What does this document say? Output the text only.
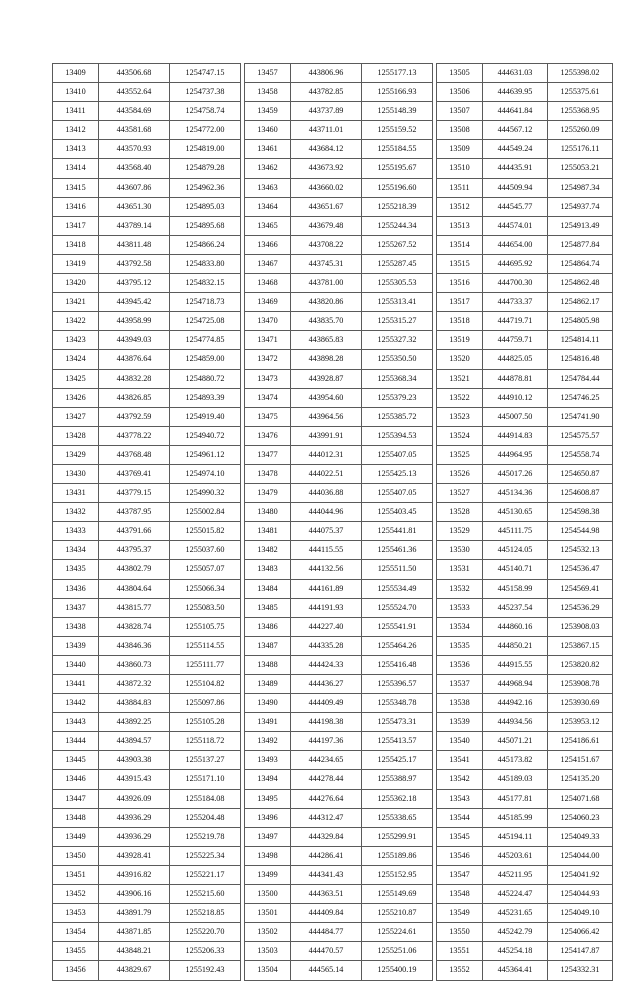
13409	443506.68	1254747.15		13457	443806.96	1255177.13		13505	444631.03	1255398.02
13410	443552.64	1254737.38		13458	443782.85	1255166.93		13506	444639.95	1255375.61
13411	443584.69	1254758.74		13459	443737.89	1255148.39		13507	444641.84	1255368.95
13412	443581.68	1254772.00		13460	443711.01	1255159.52		13508	444567.12	1255260.09
13413	443570.93	1254819.00		13461	443684.12	1255184.55		13509	444549.24	1255176.11
13414	443568.40	1254879.28		13462	443673.92	1255195.67		13510	444435.91	1255053.21
13415	443607.86	1254962.36		13463	443660.02	1255196.60		13511	444509.94	1254987.34
13416	443651.30	1254895.03		13464	443651.67	1255218.39		13512	444545.77	1254937.74
13417	443789.14	1254895.68		13465	443679.48	1255244.34		13513	444574.01	1254913.49
13418	443811.48	1254866.24		13466	443708.22	1255267.52		13514	444654.00	1254877.84
13419	443792.58	1254833.80		13467	443745.31	1255287.45		13515	444695.92	1254864.74
13420	443795.12	1254832.15		13468	443781.00	1255305.53		13516	444700.30	1254862.48
13421	443945.42	1254718.73		13469	443820.86	1255313.41		13517	444733.37	1254862.17
13422	443958.99	1254725.08		13470	443835.70	1255315.27		13518	444719.71	1254805.98
13423	443949.03	1254774.85		13471	443865.83	1255327.32		13519	444759.71	1254814.11
13424	443876.64	1254859.00		13472	443898.28	1255350.50		13520	444825.05	1254816.48
13425	443832.28	1254880.72		13473	443928.87	1255368.34		13521	444878.81	1254784.44
13426	443826.85	1254893.39		13474	443954.60	1255379.23		13522	444910.12	1254746.25
13427	443792.59	1254919.40		13475	443964.56	1255385.72		13523	445007.50	1254741.90
13428	443778.22	1254940.72		13476	443991.91	1255394.53		13524	444914.83	1254575.57
13429	443768.48	1254961.12		13477	444012.31	1255407.05		13525	444964.95	1254558.74
13430	443769.41	1254974.10		13478	444022.51	1255425.13		13526	445017.26	1254650.87
13431	443779.15	1254990.32		13479	444036.88	1255407.05		13527	445134.36	1254608.87
13432	443787.95	1255002.84		13480	444044.96	1255403.45		13528	445130.65	1254598.38
13433	443791.66	1255015.82		13481	444075.37	1255441.81		13529	445111.75	1254544.98
13434	443795.37	1255037.60		13482	444115.55	1255461.36		13530	445124.05	1254532.13
13435	443802.79	1255057.07		13483	444132.56	1255511.50		13531	445140.71	1254536.47
13436	443804.64	1255066.34		13484	444161.89	1255534.49		13532	445158.99	1254569.41
13437	443815.77	1255083.50		13485	444191.93	1255524.70		13533	445237.54	1254536.29
13438	443828.74	1255105.75		13486	444227.40	1255541.91		13534	444860.16	1253908.03
13439	443846.36	1255114.55		13487	444335.28	1255464.26		13535	444850.21	1253867.15
13440	443860.73	1255111.77		13488	444424.33	1255416.48		13536	444915.55	1253820.82
13441	443872.32	1255104.82		13489	444436.27	1255396.57		13537	444968.94	1253908.78
13442	443884.83	1255097.86		13490	444409.49	1255348.78		13538	444942.16	1253930.69
13443	443892.25	1255105.28		13491	444198.38	1255473.31		13539	444934.56	1253953.12
13444	443894.57	1255118.72		13492	444197.36	1255413.57		13540	445071.21	1254186.61
13445	443903.38	1255137.27		13493	444234.65	1255425.17		13541	445173.82	1254151.67
13446	443915.43	1255171.10		13494	444278.44	1255388.97		13542	445189.03	1254135.20
13447	443926.09	1255184.08		13495	444276.64	1255362.18		13543	445177.81	1254071.68
13448	443936.29	1255204.48		13496	444312.47	1255338.65		13544	445185.99	1254060.23
13449	443936.29	1255219.78		13497	444329.84	1255299.91		13545	445194.11	1254049.33
13450	443928.41	1255225.34		13498	444286.41	1255189.86		13546	445203.61	1254044.00
13451	443916.82	1255221.17		13499	444341.43	1255152.95		13547	445211.95	1254041.92
13452	443906.16	1255215.60		13500	444363.51	1255149.69		13548	445224.47	1254044.93
13453	443891.79	1255218.85		13501	444409.84	1255210.87		13549	445231.65	1254049.10
13454	443871.85	1255220.70		13502	444484.77	1255224.61		13550	445242.79	1254066.42
13455	443848.21	1255206.33		13503	444470.57	1255251.06		13551	445254.18	1254147.87
13456	443829.67	1255192.43		13504	444565.14	1255400.19		13552	445364.41	1254332.31
